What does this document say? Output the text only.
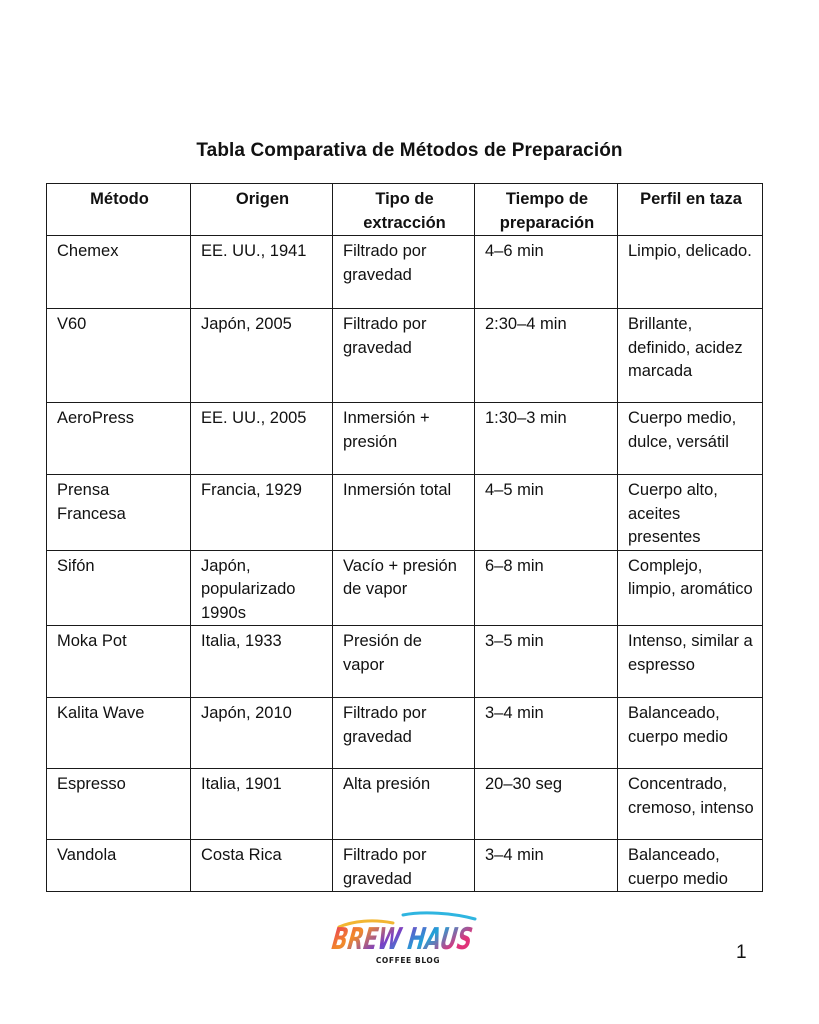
Tabla Comparativa de Métodos de Preparación
Método	Origen	Tipo de extracción	Tiempo de preparación	Perfil en taza
Chemex	EE. UU., 1941	Filtrado por gravedad	4–6 min	Limpio, delicado.
V60	Japón, 2005	Filtrado por gravedad	2:30–4 min	Brillante, definido, acidez marcada
AeroPress	EE. UU., 2005	Inmersión + presión	1:30–3 min	Cuerpo medio, dulce, versátil
Prensa Francesa	Francia, 1929	Inmersión total	4–5 min	Cuerpo alto, aceites presentes
Sifón	Japón, popularizado 1990s	Vacío + presión de vapor	6–8 min	Complejo, limpio, aromático
Moka Pot	Italia, 1933	Presión de vapor	3–5 min	Intenso, similar a espresso
Kalita Wave	Japón, 2010	Filtrado por gravedad	3–4 min	Balanceado, cuerpo medio
Espresso	Italia, 1901	Alta presión	20–30 seg	Concentrado, cremoso, intenso
Vandola	Costa Rica	Filtrado por gravedad	3–4 min	Balanceado, cuerpo medio
BREW HAUS
COFFEE BLOG	1
